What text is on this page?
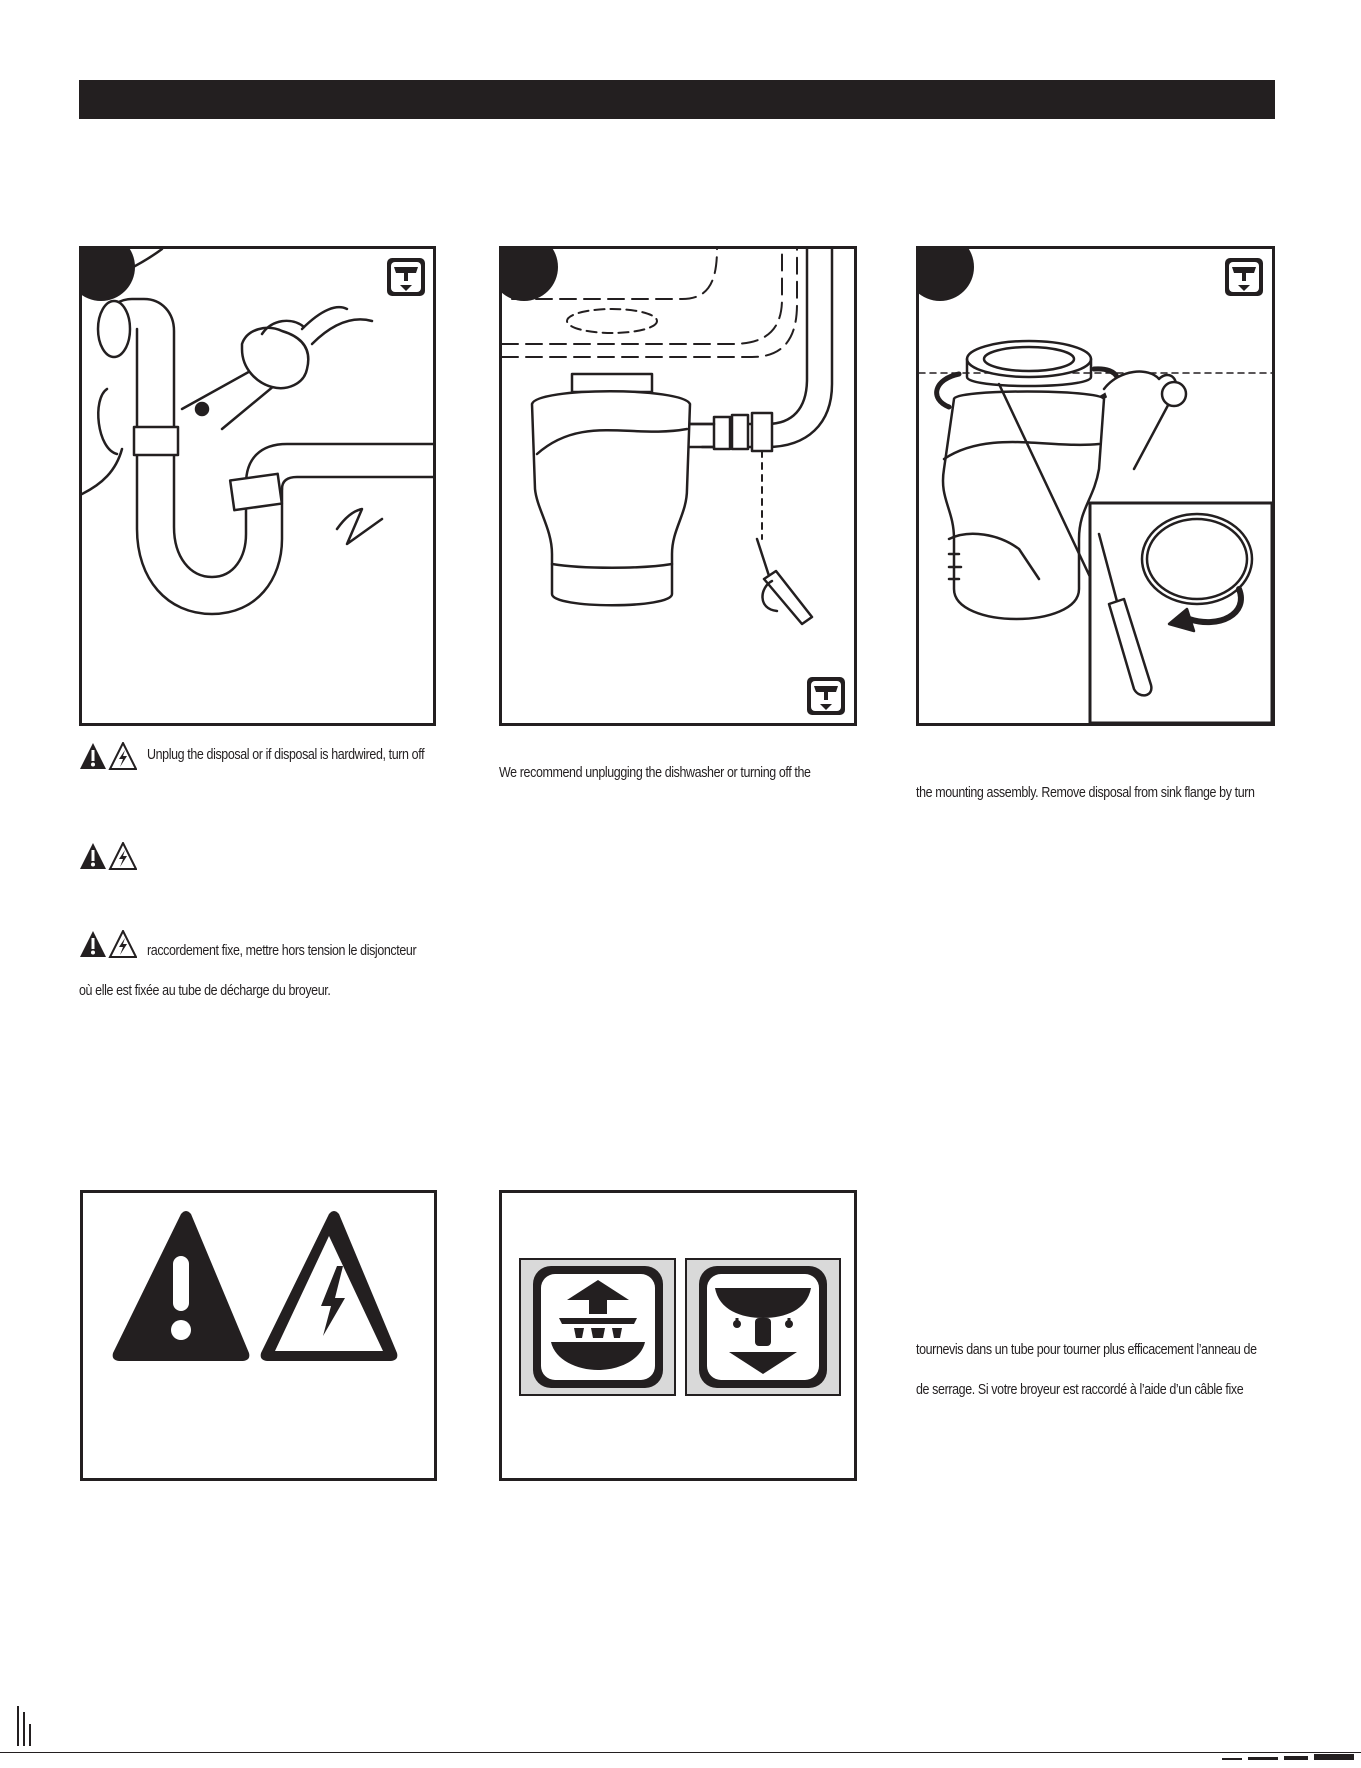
Unplug the disposal or if disposal is hardwired, turn off
raccordement fixe, mettre hors tension le disjoncteur
où elle est fixée au tube de décharge du broyeur.
We recommend unplugging the dishwasher or turning off the
the mounting assembly. Remove disposal from sink flange by turn
tournevis dans un tube pour tourner plus efficacement l’anneau de
de serrage. Si votre broyeur est raccordé à l’aide d’un câble fixe
